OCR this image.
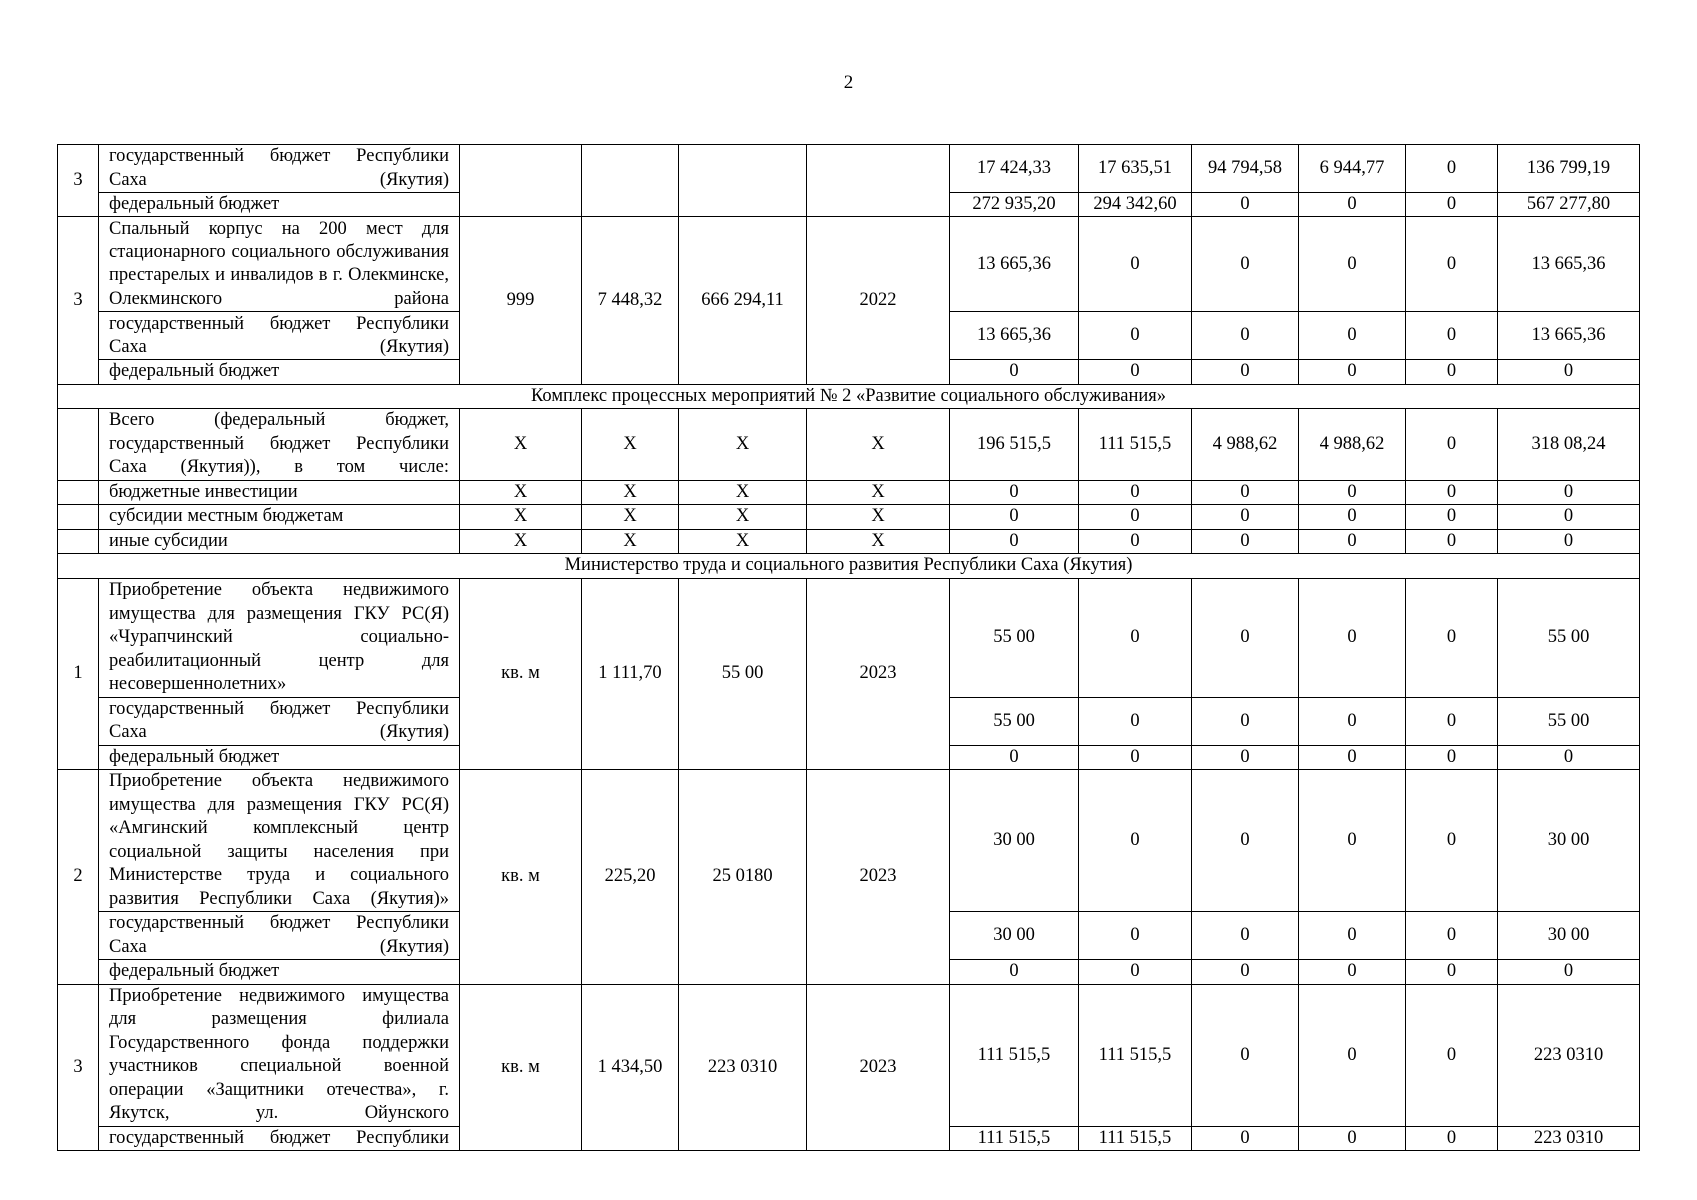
2
3	государственный бюджет Республики Саха (Якутия)					17 424,33	17 635,51	94 794,58	6 944,77	0	136 799,19
	федеральный бюджет					272 935,20	294 342,60	0	0	0	567 277,80
3	Спальный корпус на 200 мест для стационарного социального обслуживания престарелых и инвалидов в г. Олекминске, Олекминского района	999	7 448,32	666 294,11	2022	13 665,36	0	0	0	0	13 665,36
	государственный бюджет Республики Саха (Якутия)					13 665,36	0	0	0	0	13 665,36
	федеральный бюджет					0	0	0	0	0	0
Комплекс процессных мероприятий № 2 «Развитие социального обслуживания»											
	Всего (федеральный бюджет, государственный бюджет Республики Саха (Якутия)), в том числе:	Х	Х	Х	Х	196 515,5	111 515,5	4 988,62	4 988,62	0	318 08,24
	бюджетные инвестиции	Х	Х	Х	Х	0	0	0	0	0	0
	субсидии местным бюджетам	Х	Х	Х	Х	0	0	0	0	0	0
	иные субсидии	Х	Х	Х	Х	0	0	0	0	0	0
Министерство труда и социального развития Республики Саха (Якутия)											
1	Приобретение объекта недвижимого имущества для размещения ГКУ РС(Я) «Чурапчинский социально-реабилитационный центр для несовершеннолетних»	кв. м	1 111,70	55 00	2023	55 00	0	0	0	0	55 00
	государственный бюджет Республики Саха (Якутия)					55 00	0	0	0	0	55 00
	федеральный бюджет					0	0	0	0	0	0
2	Приобретение объекта недвижимого имущества для размещения ГКУ РС(Я) «Амгинский комплексный центр социальной защиты населения при Министерстве труда и социального развития Республики Саха (Якутия)»	кв. м	225,20	25 0180	2023	30 00	0	0	0	0	30 00
	государственный бюджет Республики Саха (Якутия)					30 00	0	0	0	0	30 00
	федеральный бюджет					0	0	0	0	0	0
3	Приобретение недвижимого имущества для размещения филиала Государственного фонда поддержки участников специальной военной операции «Защитники отечества», г. Якутск, ул. Ойунского	кв. м	1 434,50	223 0310	2023	111 515,5	111 515,5	0	0	0	223 0310
	государственный бюджет Республики					111 515,5	111 515,5	0	0	0	223 0310
